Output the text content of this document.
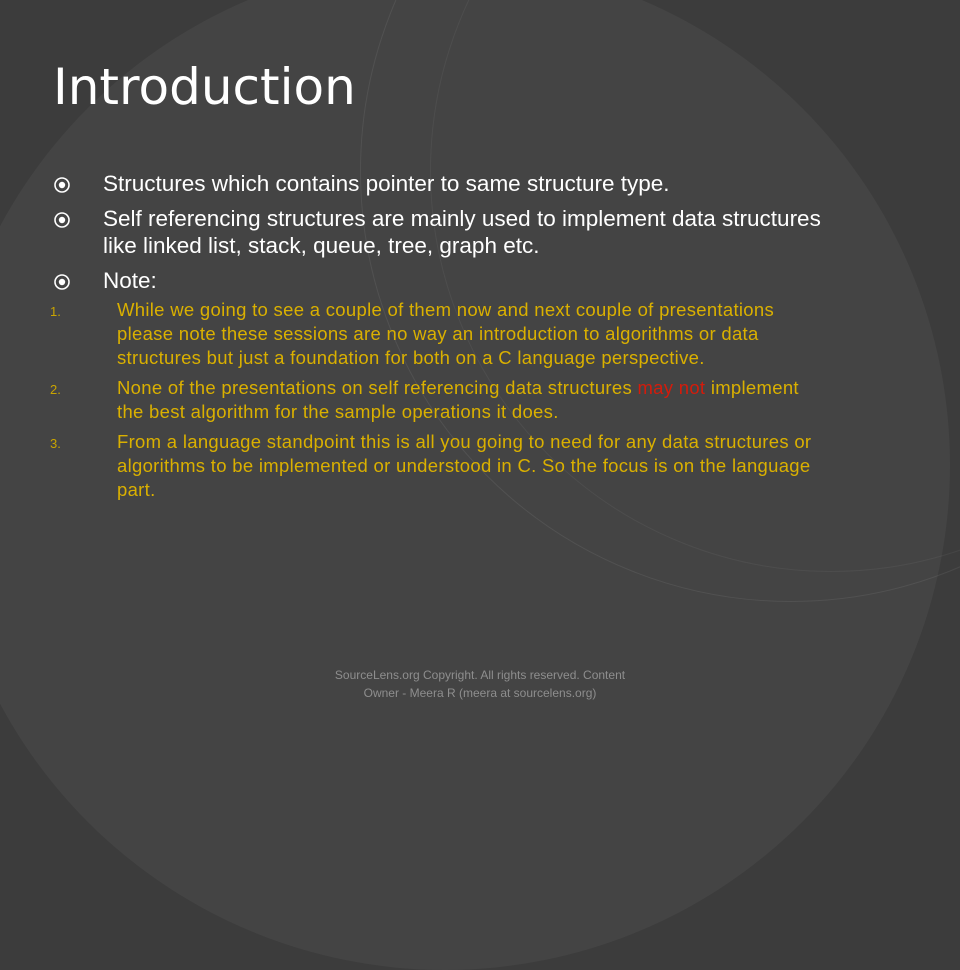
Introduction
Structures which contains pointer to same structure type.
Self referencing structures are mainly used to implement data structures like linked list, stack, queue, tree, graph etc.
Note:
1.	While we going to see a couple of them now and next couple of presentations please note these sessions are no way an introduction to algorithms or data structures but just a foundation for both on a C language perspective.
2.	None of the presentations on self referencing data structures may not implement the best algorithm for the sample operations it does.
3.	From a language standpoint this is all you going to need for any data structures or algorithms to be implemented or understood in C. So the focus is on the language part.
SourceLens.org Copyright. All rights reserved. Content Owner - Meera R (meera at sourcelens.org)
